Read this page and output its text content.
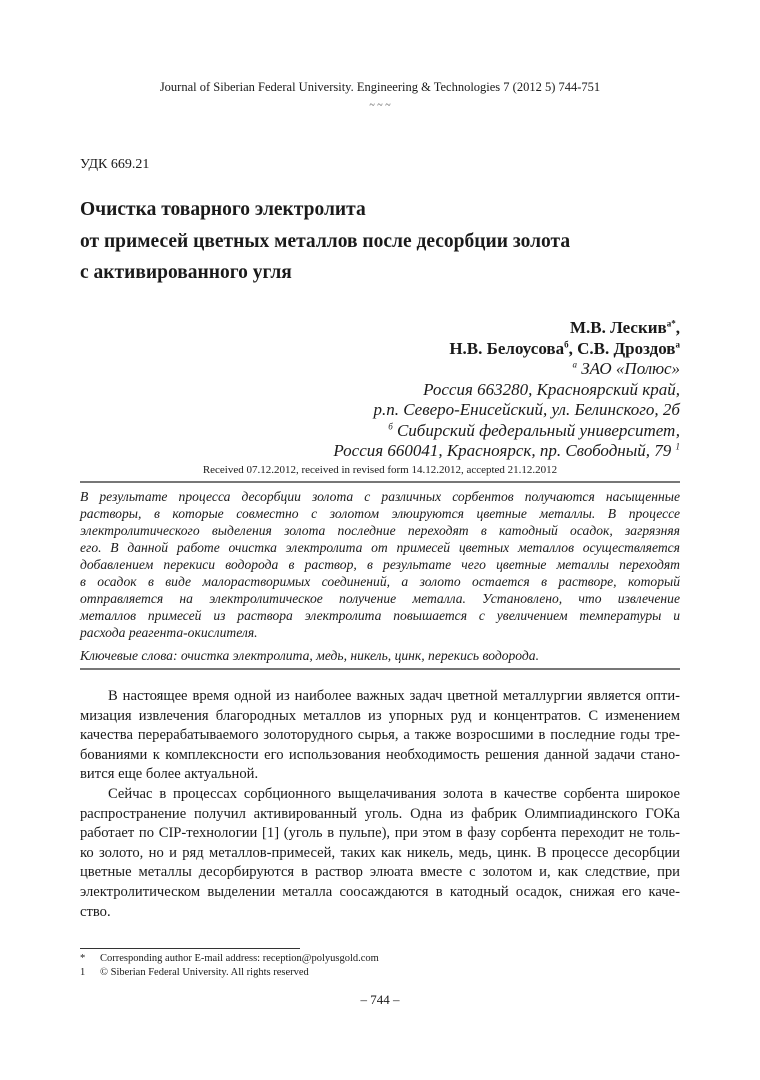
Journal of Siberian Federal University. Engineering & Technologies 7 (2012 5) 744-751
~ ~ ~
УДК 669.21
Очистка товарного электролита
от примесей цветных металлов после десорбции золота
с активированного угля
М.В. Лескив$^{а*}$,
Н.В. Белоусова$^б$, С.В. Дроздов$^а$
$^а$ ЗАО «Полюс»
Россия 663280, Красноярский край,
р.п. Северо-Енисейский, ул. Белинского, 2б
$^б$ Сибирский федеральный университет,
Россия 660041, Красноярск, пр. Свободный, 79 $^1$
Received 07.12.2012, received in revised form 14.12.2012, accepted 21.12.2012
В результате процесса десорбции золота с различных сорбентов получаются насыщенные
растворы, в которые совместно с золотом элюируются цветные металлы. В процессе
электролитического выделения золота последние переходят в катодный осадок, загрязняя
его. В данной работе очистка электролита от примесей цветных металлов осуществляется
добавлением перекиси водорода в раствор, в результате чего цветные металлы переходят
в осадок в виде малорастворимых соединений, а золото остается в растворе, который
отправляется на электролитическое получение металла. Установлено, что извлечение
металлов примесей из раствора электролита повышается с увеличением температуры и
расхода реагента-окислителя.
Ключевые слова: очистка электролита, медь, никель, цинк, перекись водорода.
В настоящее время одной из наиболее важных задач цветной металлургии является опти-
мизация извлечения благородных металлов из упорных руд и концентратов. С изменением
качества перерабатываемого золоторудного сырья, а также возросшими в последние годы тре-
бованиями к комплексности его использования необходимость решения данной задачи стано-
вится еще более актуальной.
Сейчас в процессах сорбционного выщелачивания золота в качестве сорбента широкое
распространение получил активированный уголь. Одна из фабрик Олимпиадинского ГОКа
работает по CIP-технологии [1] (уголь в пульпе), при этом в фазу сорбента переходит не толь-
ко золото, но и ряд металлов-примесей, таких как никель, медь, цинк. В процессе десорбции
цветные металлы десорбируются в раствор элюата вместе с золотом и, как следствие, при
электролитическом выделении металла соосаждаются в катодный осадок, снижая его каче-
ство.
* Corresponding author E-mail address: reception@polyusgold.com
1 © Siberian Federal University. All rights reserved
– 744 –
